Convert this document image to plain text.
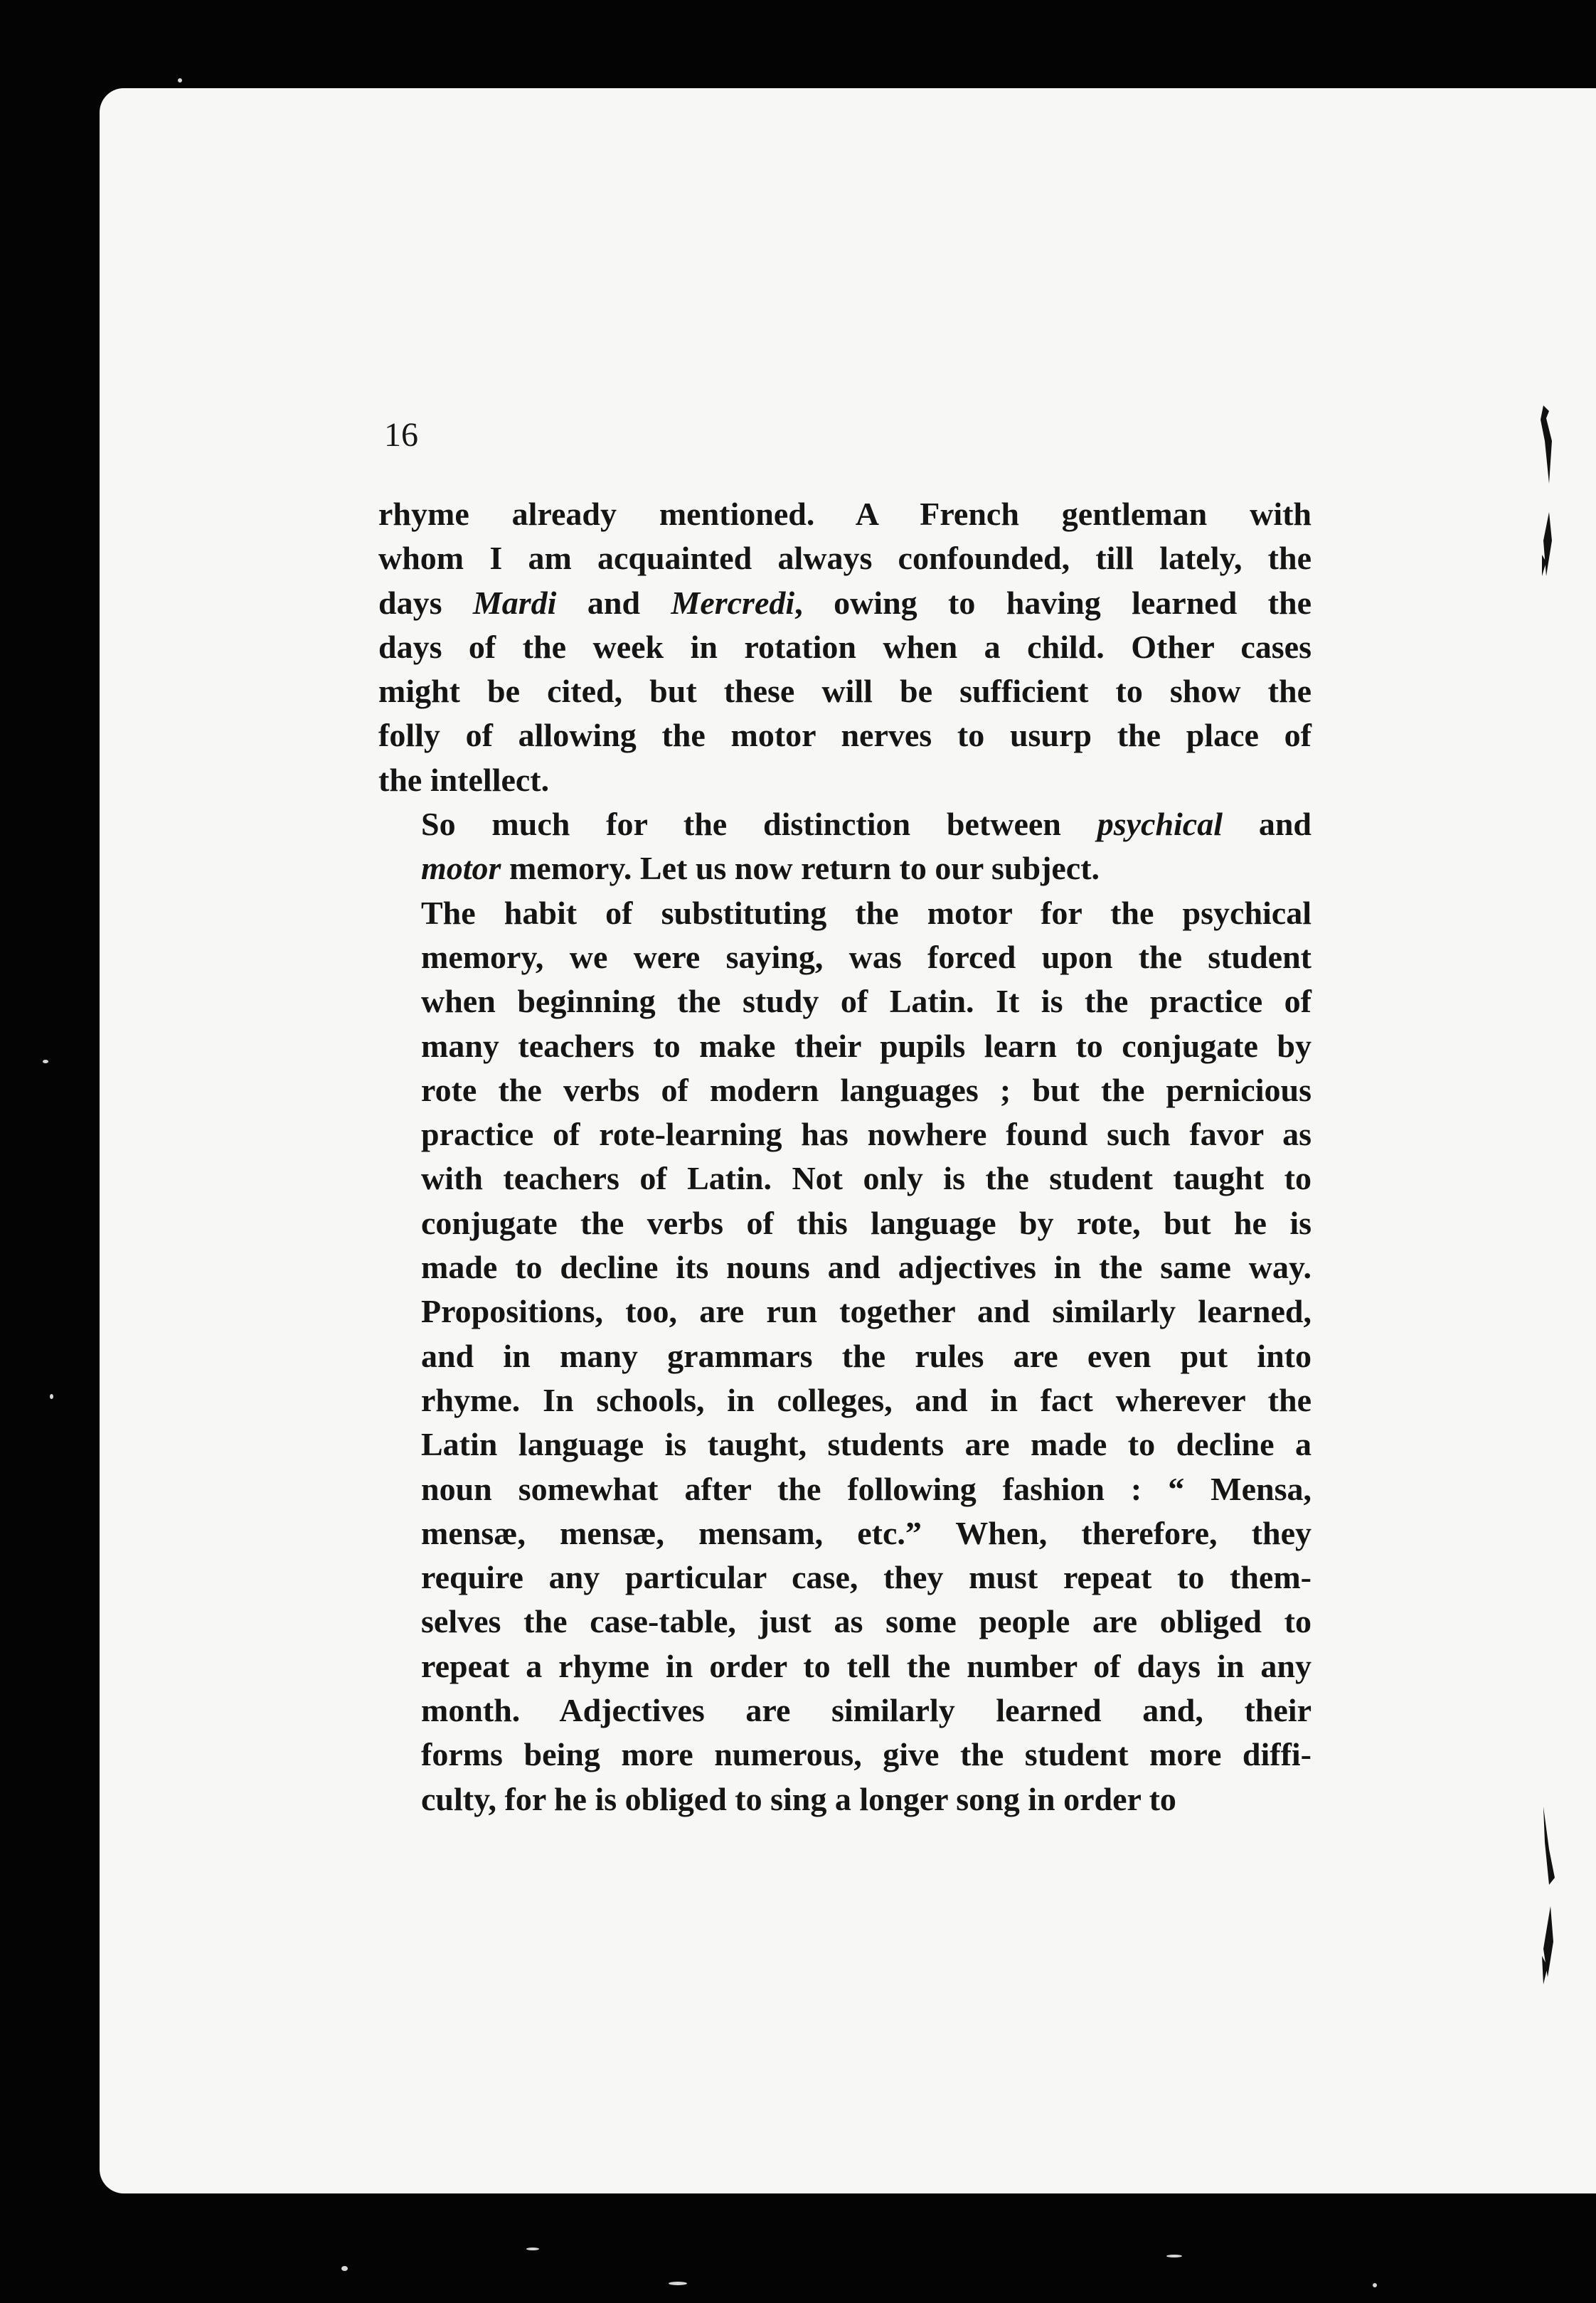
16

rhyme already mentioned. A French gentleman with
whom I am acquainted always confounded, till lately, the
days Mardi and Mercredi, owing to having learned the
days of the week in rotation when a child. Other cases
might be cited, but these will be sufficient to show the
folly of allowing the motor nerves to usurp the place of
the intellect.

So much for the distinction between psychical and
motor memory. Let us now return to our subject.

The habit of substituting the motor for the psychical
memory, we were saying, was forced upon the student
when beginning the study of Latin. It is the practice of
many teachers to make their pupils learn to conjugate by
rote the verbs of modern languages ; but the pernicious
practice of rote-learning has nowhere found such favor as
with teachers of Latin. Not only is the student taught to
conjugate the verbs of this language by rote, but he is
made to decline its nouns and adjectives in the same way.
Propositions, too, are run together and similarly learned,
and in many grammars the rules are even put into
rhyme. In schools, in colleges, and in fact wherever the
Latin language is taught, students are made to decline a
noun somewhat after the following fashion : “ Mensa,
mensæ, mensæ, mensam, etc.” When, therefore, they
require any particular case, they must repeat to them-
selves the case-table, just as some people are obliged to
repeat a rhyme in order to tell the number of days in any
month. Adjectives are similarly learned and, their
forms being more numerous, give the student more diffi-
culty, for he is obliged to sing a longer song in order to
